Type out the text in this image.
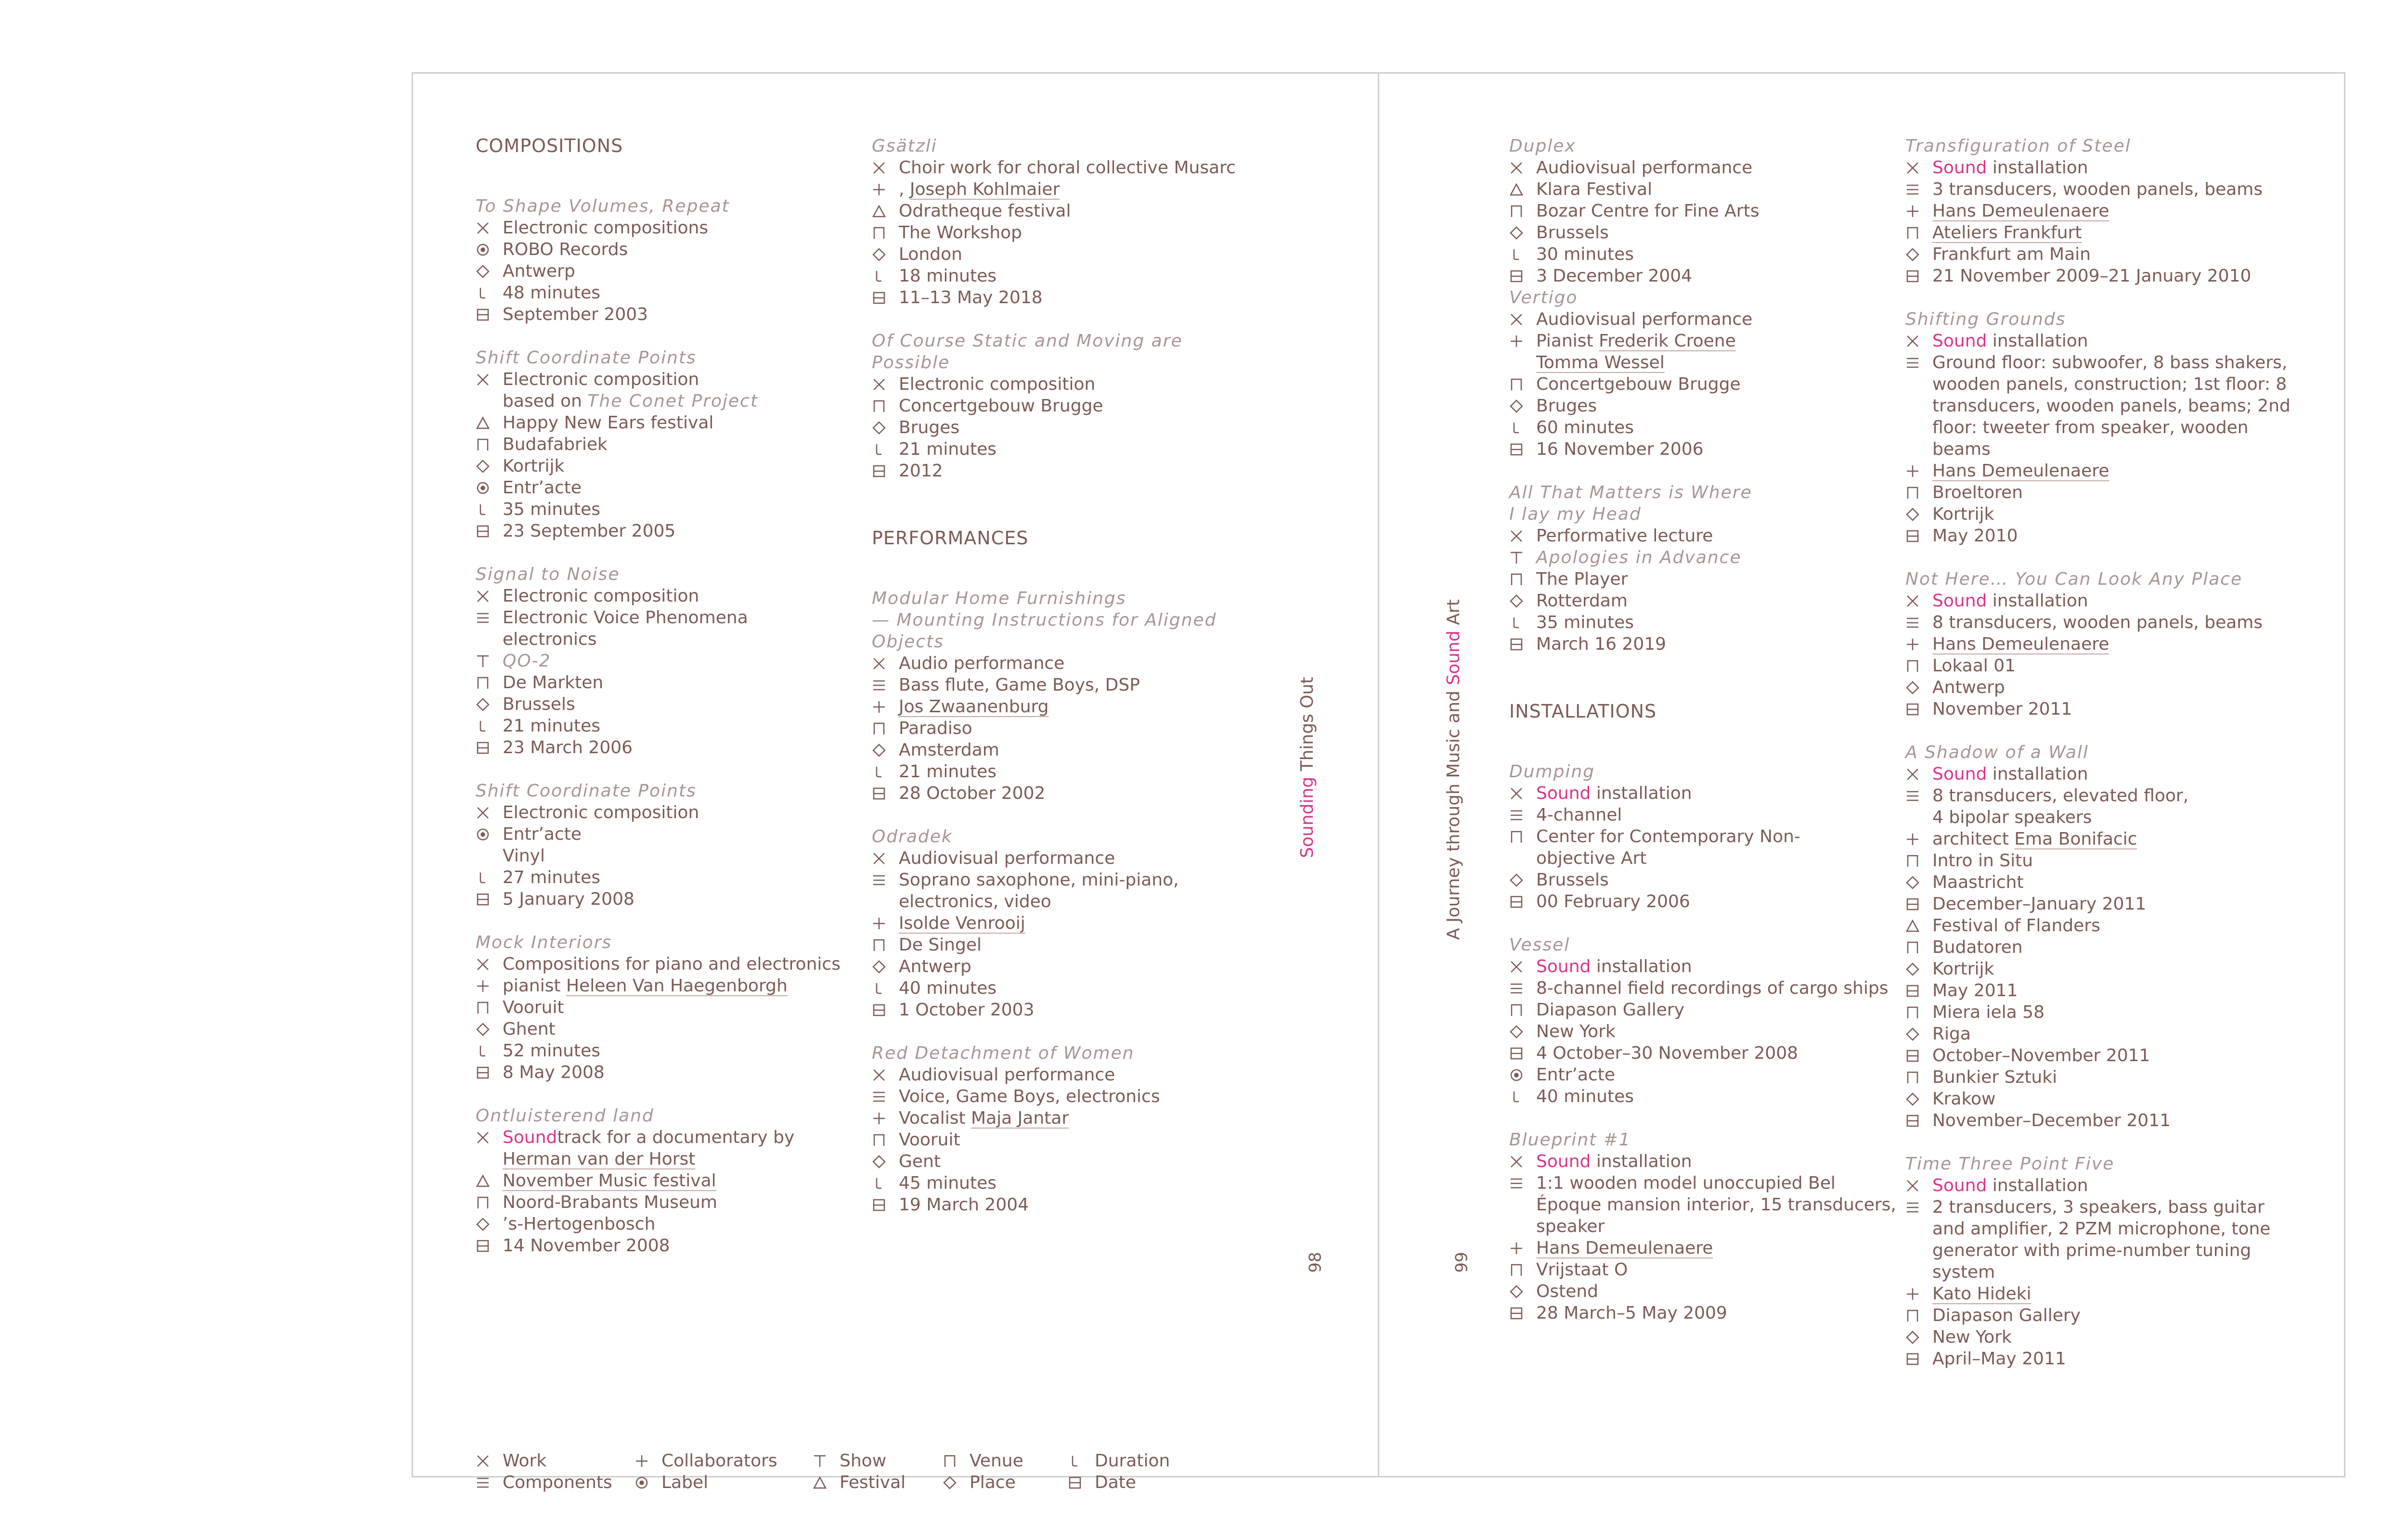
COMPOSITIONS
To Shape Volumes, Repeat
Electronic compositions
ROBO Records
Antwerp
48 minutes
September 2003
Shift Coordinate Points
Electronic composition
based on The Conet Project
Happy New Ears festival
Budafabriek
Kortrijk
Entr’acte
35 minutes
23 September 2005
Signal to Noise
Electronic composition
Electronic Voice Phenomena
electronics
QO-2
De Markten
Brussels
21 minutes
23 March 2006
Shift Coordinate Points
Electronic composition
Entr’acte
Vinyl
27 minutes
5 January 2008
Mock Interiors
Compositions for piano and electronics
pianist Heleen Van Haegenborgh
Vooruit
Ghent
52 minutes
8 May 2008
Ontluisterend land
Soundtrack for a documentary by
Herman van der Horst
November Music festival
Noord-Brabants Museum
’s-Hertogenbosch
14 November 2008
Gsätzli
Choir work for choral collective Musarc
, Joseph Kohlmaier
Odratheque festival
The Workshop
London
18 minutes
11–13 May 2018
Of Course Static and Moving are
Possible
Electronic composition
Concertgebouw Brugge
Bruges
21 minutes
2012
PERFORMANCES
Modular Home Furnishings
— Mounting Instructions for Aligned
Objects
Audio performance
Bass flute, Game Boys, DSP
Jos Zwaanenburg
Paradiso
Amsterdam
21 minutes
28 October 2002
Odradek
Audiovisual performance
Soprano saxophone, mini-piano,
electronics, video
Isolde Venrooij
De Singel
Antwerp
40 minutes
1 October 2003
Red Detachment of Women
Audiovisual performance
Voice, Game Boys, electronics
Vocalist Maja Jantar
Vooruit
Gent
45 minutes
19 March 2004
Sounding Things Out
98
Work
Components
Collaborators
Label
Show
Festival
Venue
Place
Duration
Date
A Journey through Music and Sound Art
99
Duplex
Audiovisual performance
Klara Festival
Bozar Centre for Fine Arts
Brussels
30 minutes
3 December 2004
Vertigo
Audiovisual performance
Pianist Frederik Croene
Tomma Wessel
Concertgebouw Brugge
Bruges
60 minutes
16 November 2006
All That Matters is Where
I lay my Head
Performative lecture
Apologies in Advance
The Player
Rotterdam
35 minutes
March 16 2019
INSTALLATIONS
Dumping
Sound installation
4-channel
Center for Contemporary Non-
objective Art
Brussels
00 February 2006
Vessel
Sound installation
8-channel field recordings of cargo ships
Diapason Gallery
New York
4 October–30 November 2008
Entr’acte
40 minutes
Blueprint #1
Sound installation
1:1 wooden model unoccupied Bel
Époque mansion interior, 15 transducers,
speaker
Hans Demeulenaere
Vrijstaat O
Ostend
28 March–5 May 2009
Transfiguration of Steel
Sound installation
3 transducers, wooden panels, beams
Hans Demeulenaere
Ateliers Frankfurt
Frankfurt am Main
21 November 2009–21 January 2010
Shifting Grounds
Sound installation
Ground floor: subwoofer, 8 bass shakers,
wooden panels, construction; 1st floor: 8
transducers, wooden panels, beams; 2nd
floor: tweeter from speaker, wooden
beams
Hans Demeulenaere
Broeltoren
Kortrijk
May 2010
Not Here… You Can Look Any Place
Sound installation
8 transducers, wooden panels, beams
Hans Demeulenaere
Lokaal 01
Antwerp
November 2011
A Shadow of a Wall
Sound installation
8 transducers, elevated floor,
4 bipolar speakers
architect Ema Bonifacic
Intro in Situ
Maastricht
December–January 2011
Festival of Flanders
Budatoren
Kortrijk
May 2011
Miera iela 58
Riga
October–November 2011
Bunkier Sztuki
Krakow
November–December 2011
Time Three Point Five
Sound installation
2 transducers, 3 speakers, bass guitar
and amplifier, 2 PZM microphone, tone
generator with prime-number tuning
system
Kato Hideki
Diapason Gallery
New York
April–May 2011
